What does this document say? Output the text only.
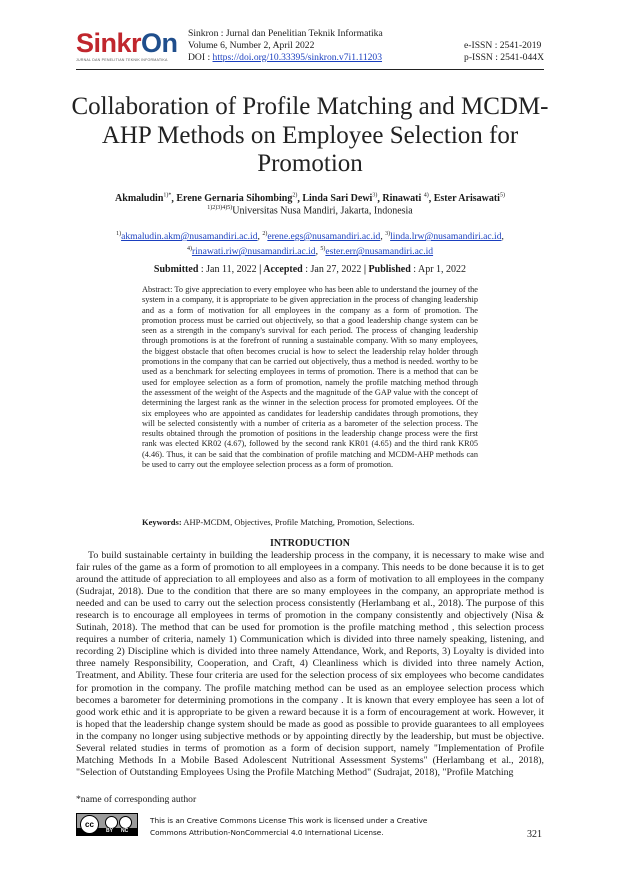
SinkrOn
JURNAL DAN PENELITIAN TEKNIK INFORMATIKA
Sinkron : Jurnal dan Penelitian Teknik Informatika
Volume 6, Number 2, April 2022
DOI : https://doi.org/10.33395/sinkron.v7i1.11203
e-ISSN : 2541-2019
p-ISSN : 2541-044X
Collaboration of Profile Matching and MCDM-AHP Methods on Employee Selection for Promotion
Akmaludin$^{1)*}$, Erene Gernaria Sihombing$^{2)}$, Linda Sari Dewi$^{3)}$, Rinawati $^{4)}$, Ester Arisawati$^{5)}$
$^{1)2)3)4)5)}$Universitas Nusa Mandiri, Jakarta, Indonesia
$^{1)}$akmaludin.akm@nusamandiri.ac.id, $^{2)}$erene.egs@nusamandiri.ac.id, $^{3)}$linda.lrw@nusamandiri.ac.id,
$^{4)}$rinawati.riw@nusamandiri.ac.id, $^{5)}$ester.err@nusamandiri.ac.id
Submitted : Jan 11, 2022 | Accepted : Jan 27, 2022 | Published : Apr 1, 2022
Abstract: To give appreciation to every employee who has been able to understand the journey of the system in a company, it is appropriate to be given appreciation in the process of changing leadership and as a form of motivation for all employees in the company as a form of promotion. The promotion process must be carried out objectively, so that a good leadership change system can be seen as a strength in the company's survival for each period. The process of changing leadership through promotions is at the forefront of running a sustainable company. With so many employees, the biggest obstacle that often becomes crucial is how to select the leadership relay holder through promotions in the company that can be carried out objectively, thus a method is needed. worthy to be used as a benchmark for selecting employees in terms of promotion. There is a method that can be used for employee selection as a form of promotion, namely the profile matching method through the assessment of the weight of the Aspects and the magnitude of the GAP value with the concept of determining the largest rank as the winner in the selection process for promoted employees. Of the six employees who are appointed as candidates for leadership candidates through promotions, they will be selected consistently with a number of criteria as a barometer of the selection process. The results obtained through the promotion of positions in the leadership change process were the first rank was elected KR02 (4.67), followed by the second rank KR01 (4.65) and the third rank KR05 (4.46). Thus, it can be said that the combination of profile matching and MCDM-AHP methods can be used to carry out the employee selection process as a form of promotion.
Keywords: AHP-MCDM, Objectives, Profile Matching, Promotion, Selections.
INTRODUCTION
To build sustainable certainty in building the leadership process in the company, it is necessary to make wise and fair rules of the game as a form of promotion to all employees in a company. This needs to be done because it is to get around the attitude of appreciation to all employees and also as a form of motivation to all employees in the company (Sudrajat, 2018). Due to the condition that there are so many employees in the company, an appropriate method is needed and can be used to carry out the selection process consistently (Herlambang et al., 2018). The purpose of this research is to encourage all employees in terms of promotion in the company consistently and objectively (Nisa & Sutinah, 2018). The method that can be used for promotion is the profile matching method , this selection process requires a number of criteria, namely 1) Communication which is divided into three namely speaking, listening, and recording 2) Discipline which is divided into three namely Attendance, Work, and Reports, 3) Loyalty is divided into three namely Responsibility, Cooperation, and Craft, 4) Cleanliness which is divided into three namely Action, Treatment, and Ability. These four criteria are used for the selection process of six employees who become candidates for promotion in the company. The profile matching method can be used as an employee selection process which becomes a barometer for determining promotions in the company . It is known that every employee has seen a lot of good work ethic and it is appropriate to be given a reward because it is a form of encouragement at work. However, it is hoped that the leadership change system should be made as good as possible to provide guarantees to all employees in the company no longer using subjective methods or by appointing directly by the leadership, but must be objective. Several related studies in terms of promotion as a form of decision support, namely "Implementation of Profile Matching Methods In a Mobile Based Adolescent Nutritional Assessment Systems" (Herlambang et al., 2018), "Selection of Outstanding Employees Using the Profile Matching Method" (Sudrajat, 2018), "Profile Matching
*name of corresponding author
cc
BY NC
This is an Creative Commons License This work is licensed under a Creative
Commons Attribution-NonCommercial 4.0 International License.	321
